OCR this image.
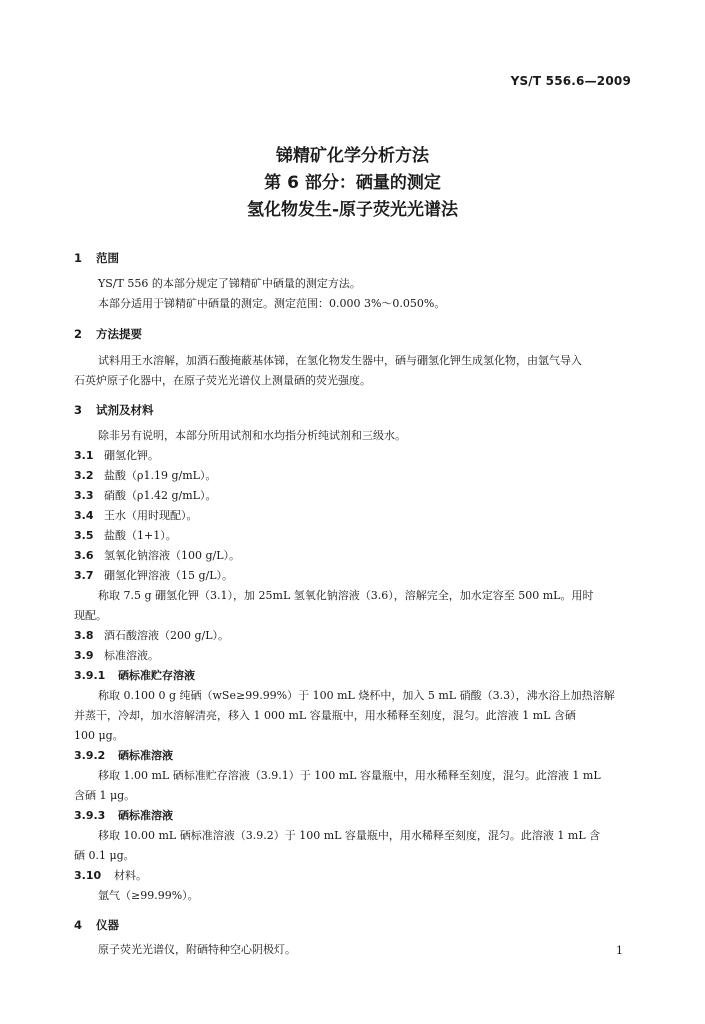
YS/T 556.6—2009
锑精矿化学分析方法
第 6 部分：硒量的测定
氢化物发生-原子荧光光谱法
1 范围
YS/T 556 的本部分规定了锑精矿中硒量的测定方法。
本部分适用于锑精矿中硒量的测定。测定范围：0.000 3%～0.050%。
2 方法提要
试料用王水溶解，加酒石酸掩蔽基体锑，在氢化物发生器中，硒与硼氢化钾生成氢化物，由氩气导入
石英炉原子化器中，在原子荧光光谱仪上测量硒的荧光强度。
3 试剂及材料
除非另有说明，本部分所用试剂和水均指分析纯试剂和三级水。
3.1 硼氢化钾。
3.2 盐酸（ρ1.19 g/mL）。
3.3 硝酸（ρ1.42 g/mL）。
3.4 王水（用时现配）。
3.5 盐酸（1+1）。
3.6 氢氧化钠溶液（100 g/L）。
3.7 硼氢化钾溶液（15 g/L）。
称取 7.5 g 硼氢化钾（3.1），加 25mL 氢氧化钠溶液（3.6），溶解完全，加水定容至 500 mL。用时
现配。
3.8 酒石酸溶液（200 g/L）。
3.9 标准溶液。
3.9.1 硒标准贮存溶液
称取 0.100 0 g 纯硒（wSe≥99.99%）于 100 mL 烧杯中，加入 5 mL 硝酸（3.3），沸水浴上加热溶解
并蒸干，冷却，加水溶解清亮，移入 1 000 mL 容量瓶中，用水稀释至刻度，混匀。此溶液 1 mL 含硒
100 μg。
3.9.2 硒标准溶液
移取 1.00 mL 硒标准贮存溶液（3.9.1）于 100 mL 容量瓶中，用水稀释至刻度，混匀。此溶液 1 mL
含硒 1 μg。
3.9.3 硒标准溶液
移取 10.00 mL 硒标准溶液（3.9.2）于 100 mL 容量瓶中，用水稀释至刻度，混匀。此溶液 1 mL 含
硒 0.1 μg。
3.10 材料。
氩气（≥99.99%）。
4 仪器
原子荧光光谱仪，附硒特种空心阴极灯。	1
